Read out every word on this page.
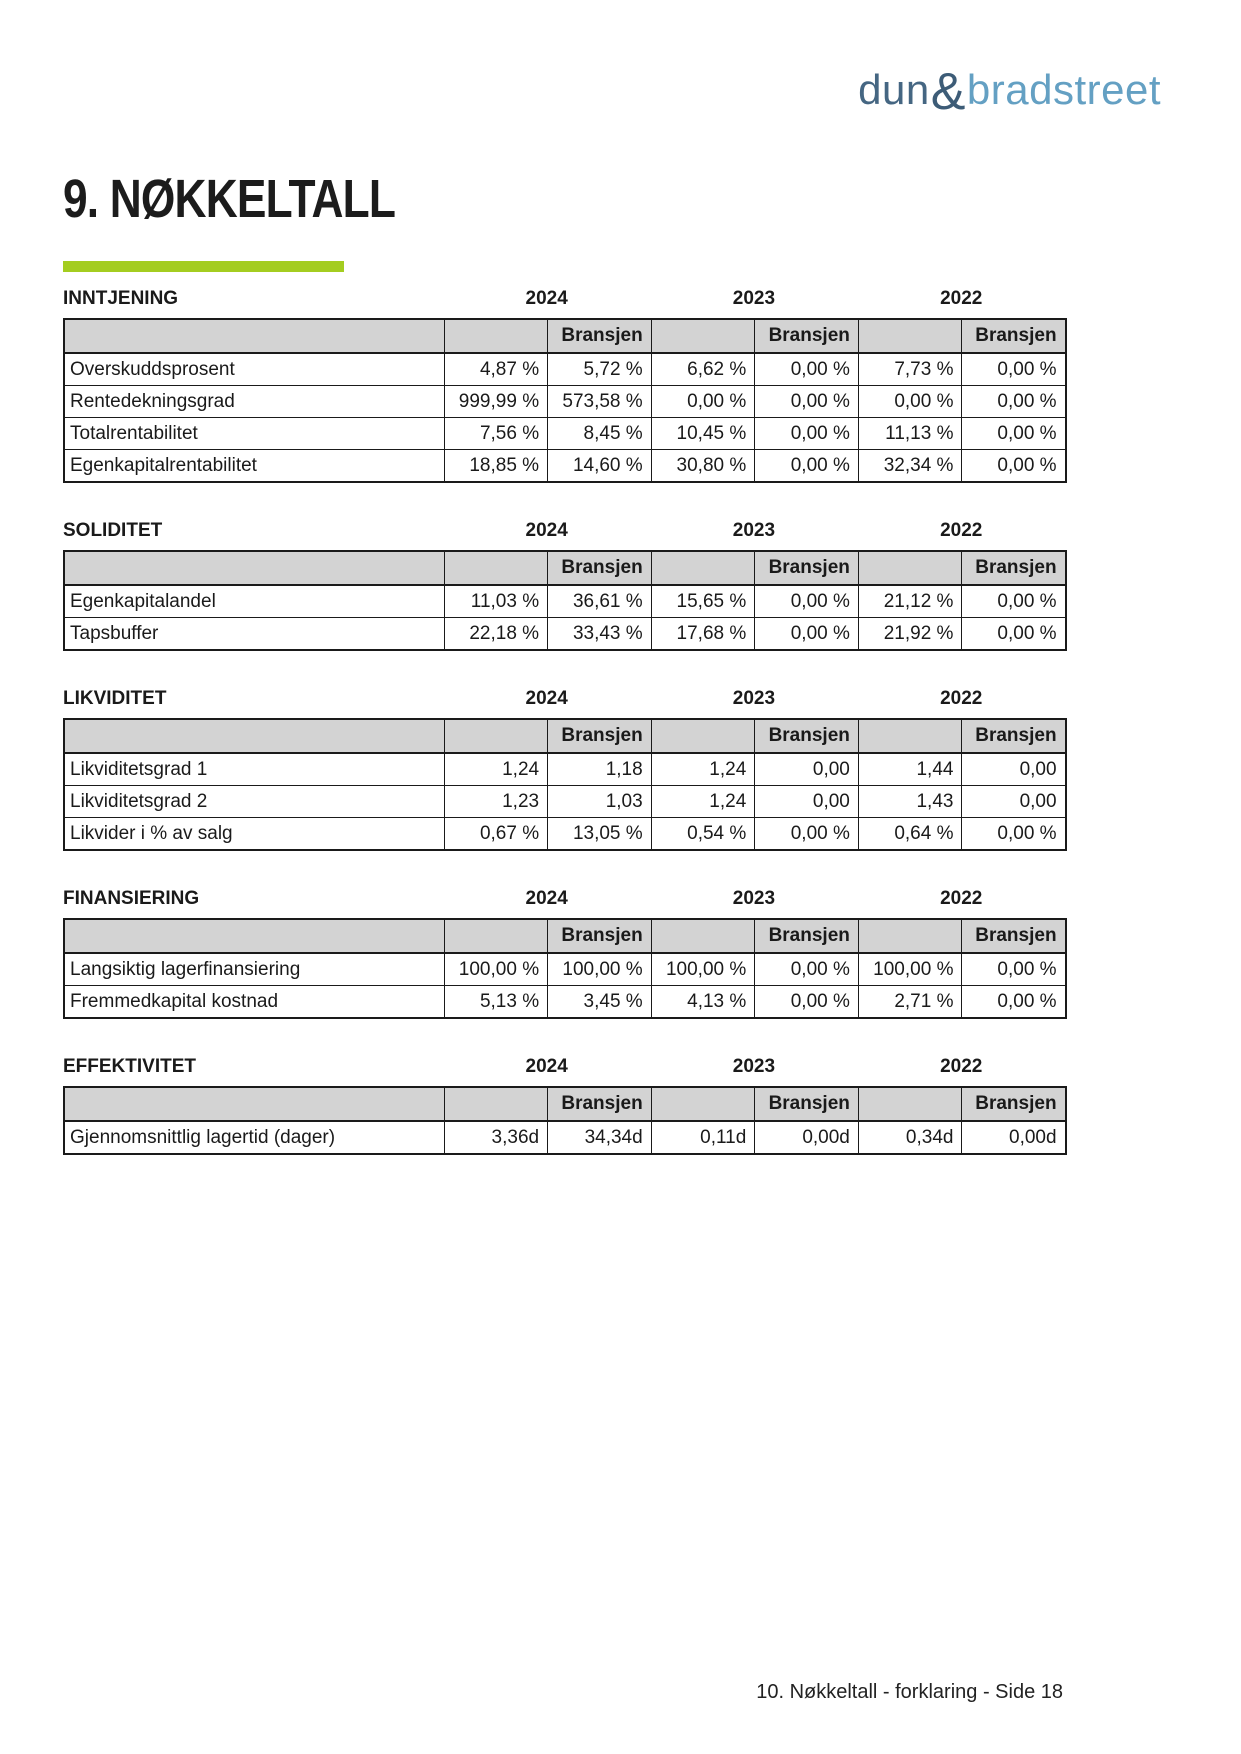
dun&bradstreet
9. NØKKELTALL
INNTJENING	2024	2023	2022
		Bransjen		Bransjen		Bransjen
Overskuddsprosent	4,87 %	5,72 %	6,62 %	0,00 %	7,73 %	0,00 %
Rentedekningsgrad	999,99 %	573,58 %	0,00 %	0,00 %	0,00 %	0,00 %
Totalrentabilitet	7,56 %	8,45 %	10,45 %	0,00 %	11,13 %	0,00 %
Egenkapitalrentabilitet	18,85 %	14,60 %	30,80 %	0,00 %	32,34 %	0,00 %
SOLIDITET	2024	2023	2022
		Bransjen		Bransjen		Bransjen
Egenkapitalandel	11,03 %	36,61 %	15,65 %	0,00 %	21,12 %	0,00 %
Tapsbuffer	22,18 %	33,43 %	17,68 %	0,00 %	21,92 %	0,00 %
LIKVIDITET	2024	2023	2022
		Bransjen		Bransjen		Bransjen
Likviditetsgrad 1	1,24	1,18	1,24	0,00	1,44	0,00
Likviditetsgrad 2	1,23	1,03	1,24	0,00	1,43	0,00
Likvider i % av salg	0,67 %	13,05 %	0,54 %	0,00 %	0,64 %	0,00 %
FINANSIERING	2024	2023	2022
		Bransjen		Bransjen		Bransjen
Langsiktig lagerfinansiering	100,00 %	100,00 %	100,00 %	0,00 %	100,00 %	0,00 %
Fremmedkapital kostnad	5,13 %	3,45 %	4,13 %	0,00 %	2,71 %	0,00 %
EFFEKTIVITET	2024	2023	2022
		Bransjen		Bransjen		Bransjen
Gjennomsnittlig lagertid (dager)	3,36d	34,34d	0,11d	0,00d	0,34d	0,00d
10. Nøkkeltall - forklaring - Side 18
